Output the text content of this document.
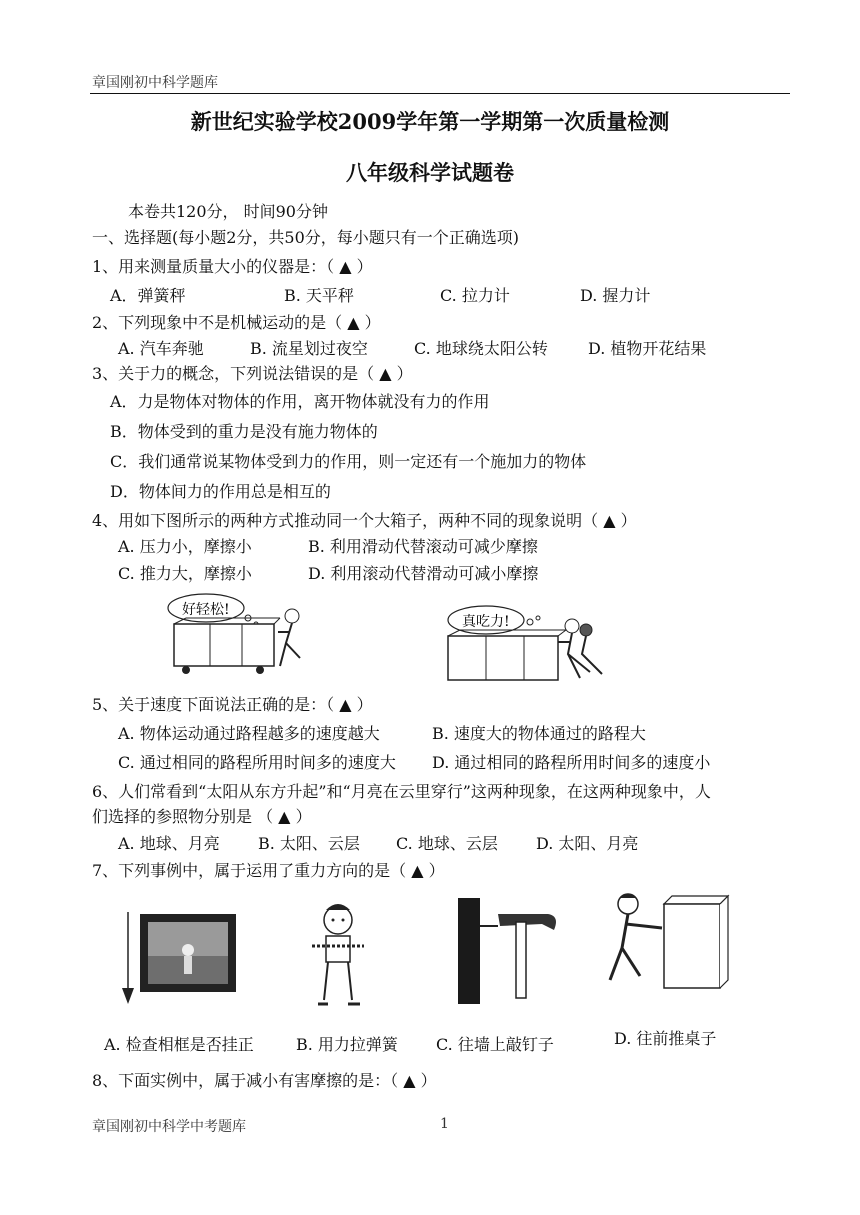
章国刚初中科学题库
新世纪实验学校2009学年第一学期第一次质量检测
八年级科学试题卷
本卷共120分， 时间90分钟
一、选择题(每小题2分，共50分，每小题只有一个正确选项)
1、用来测量质量大小的仪器是：（ ▲ ）
A．弹簧秤	B. 天平秤	C. 拉力计	D. 握力计
2、下列现象中不是机械运动的是（ ▲ ）
A. 汽车奔驰	B. 流星划过夜空	C. 地球绕太阳公转	D. 植物开花结果
3、关于力的概念，下列说法错误的是（ ▲ ）
A．力是物体对物体的作用，离开物体就没有力的作用
B．物体受到的重力是没有施力物体的
C．我们通常说某物体受到力的作用，则一定还有一个施加力的物体
D．物体间力的作用总是相互的
4、用如下图所示的两种方式推动同一个大箱子，两种不同的现象说明（ ▲ ）
A. 压力小，摩擦小	B. 利用滑动代替滚动可减少摩擦
C. 推力大，摩擦小	D. 利用滚动代替滑动可减小摩擦
好轻松!
真吃力!
5、关于速度下面说法正确的是：（ ▲ ）
A. 物体运动通过路程越多的速度越大	B. 速度大的物体通过的路程大
C. 通过相同的路程所用时间多的速度大 D. 通过相同的路程所用时间多的速度小
6、人们常看到“太阳从东方升起”和“月亮在云里穿行”这两种现象，在这两种现象中，人
们选择的参照物分别是 （ ▲ ）
A. 地球、月亮 B. 太阳、云层 C. 地球、云层 D. 太阳、月亮
7、下列事例中，属于运用了重力方向的是（ ▲ ）
A. 检查相框是否挂正	B. 用力拉弹簧 C. 往墙上敲钉子	D. 往前推桌子
8、下面实例中，属于减小有害摩擦的是：（ ▲ ）
章国刚初中科学中考题库	1
